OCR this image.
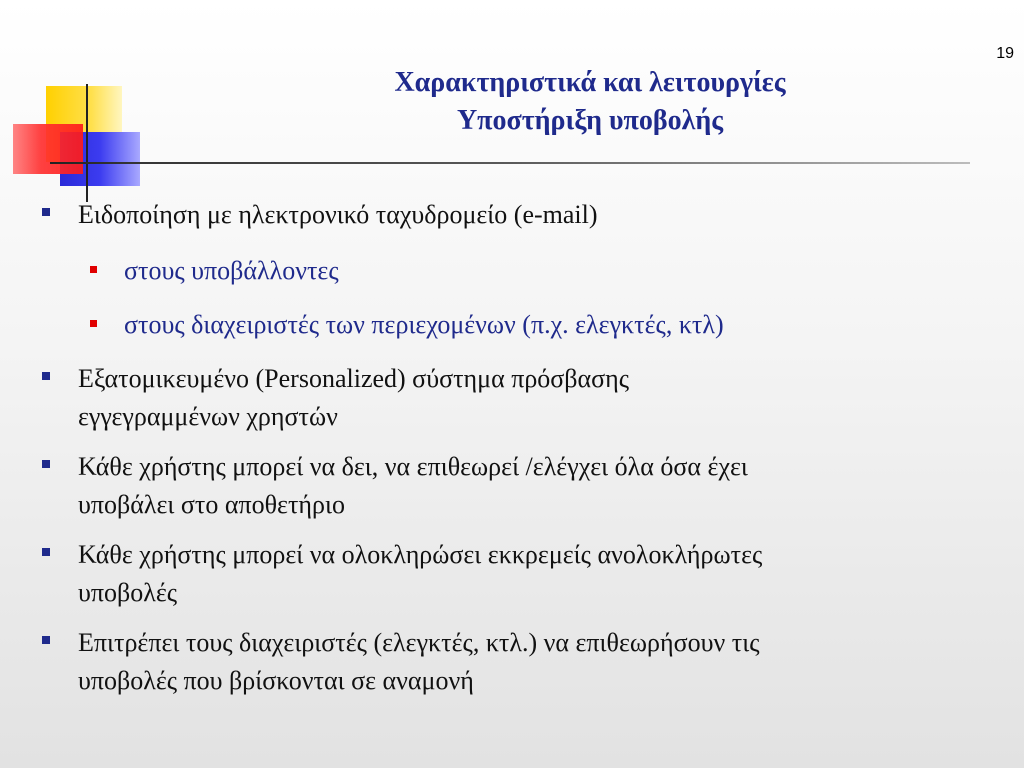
19
Χαρακτηριστικά και λειτουργίες
Υποστήριξη υποβολής
Ειδοποίηση με ηλεκτρονικό ταχυδρομείο (e-mail)
στους υποβάλλοντες
στους διαχειριστές των περιεχομένων (π.χ. ελεγκτές, κτλ)
Εξατομικευμένο (Personalized) σύστημα πρόσβασης
εγγεγραμμένων χρηστών
Κάθε χρήστης μπορεί να δει, να επιθεωρεί /ελέγχει όλα όσα έχει
υποβάλει στο αποθετήριο
Κάθε χρήστης μπορεί να ολοκληρώσει εκκρεμείς ανολοκλήρωτες
υποβολές
Επιτρέπει τους διαχειριστές (ελεγκτές, κτλ.) να επιθεωρήσουν τις
υποβολές που βρίσκονται σε αναμονή
